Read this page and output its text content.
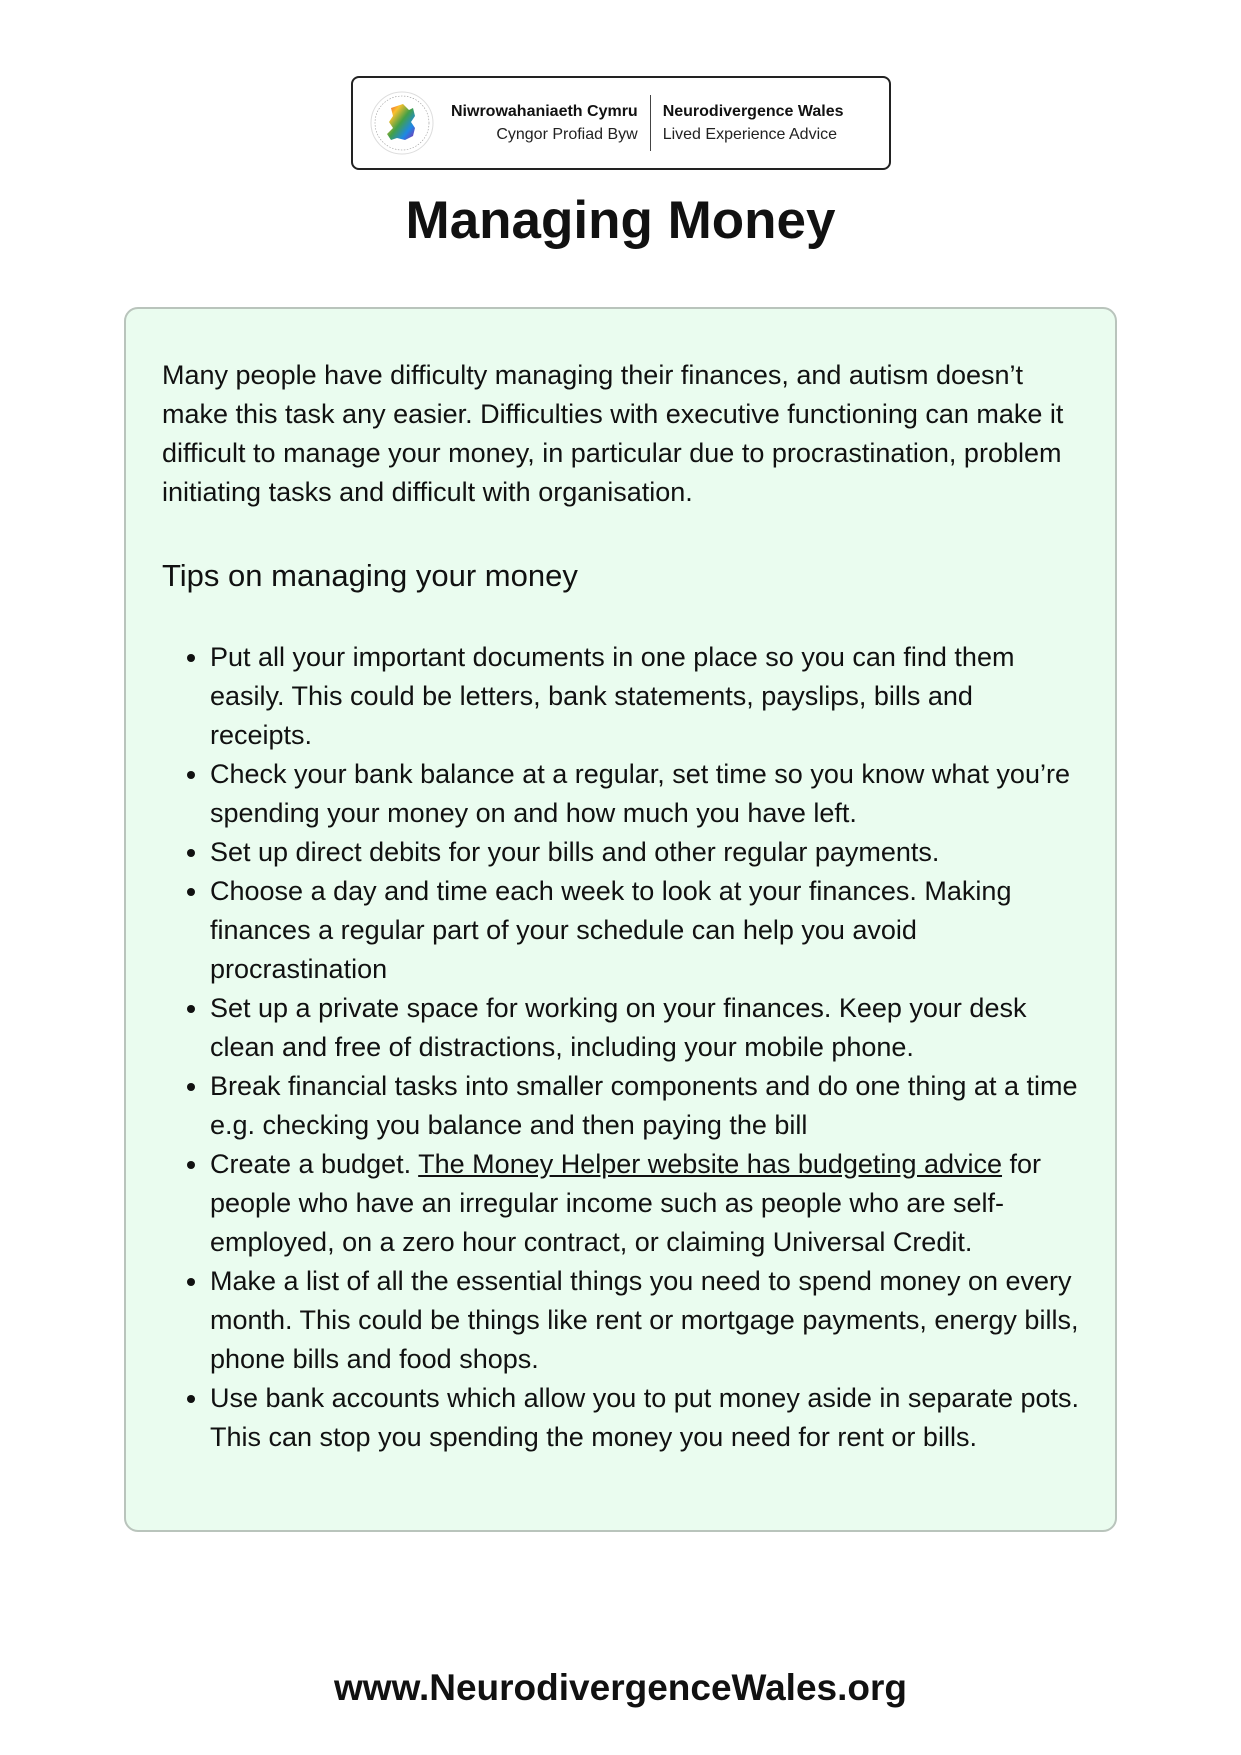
Niwrowahaniaeth Cymru
Cyngor Profiad Byw
Neurodivergence Wales
Lived Experience Advice
Managing Money

Many people have difficulty managing their finances, and autism doesn’t make this task any easier. Difficulties with executive functioning can make it difficult to manage your money, in particular due to procrastination, problem initiating tasks and difficult with organisation.

Tips on managing your money
• Put all your important documents in one place so you can find them easily. This could be letters, bank statements, payslips, bills and receipts.
• Check your bank balance at a regular, set time so you know what you’re spending your money on and how much you have left.
• Set up direct debits for your bills and other regular payments.
• Choose a day and time each week to look at your finances. Making finances a regular part of your schedule can help you avoid procrastination
• Set up a private space for working on your finances. Keep your desk clean and free of distractions, including your mobile phone.
• Break financial tasks into smaller components and do one thing at a time e.g. checking you balance and then paying the bill
• Create a budget. The Money Helper website has budgeting advice for people who have an irregular income such as people who are self-employed, on a zero hour contract, or claiming Universal Credit.
• Make a list of all the essential things you need to spend money on every month. This could be things like rent or mortgage payments, energy bills, phone bills and food shops.
• Use bank accounts which allow you to put money aside in separate pots. This can stop you spending the money you need for rent or bills.
www.NeurodivergenceWales.org
